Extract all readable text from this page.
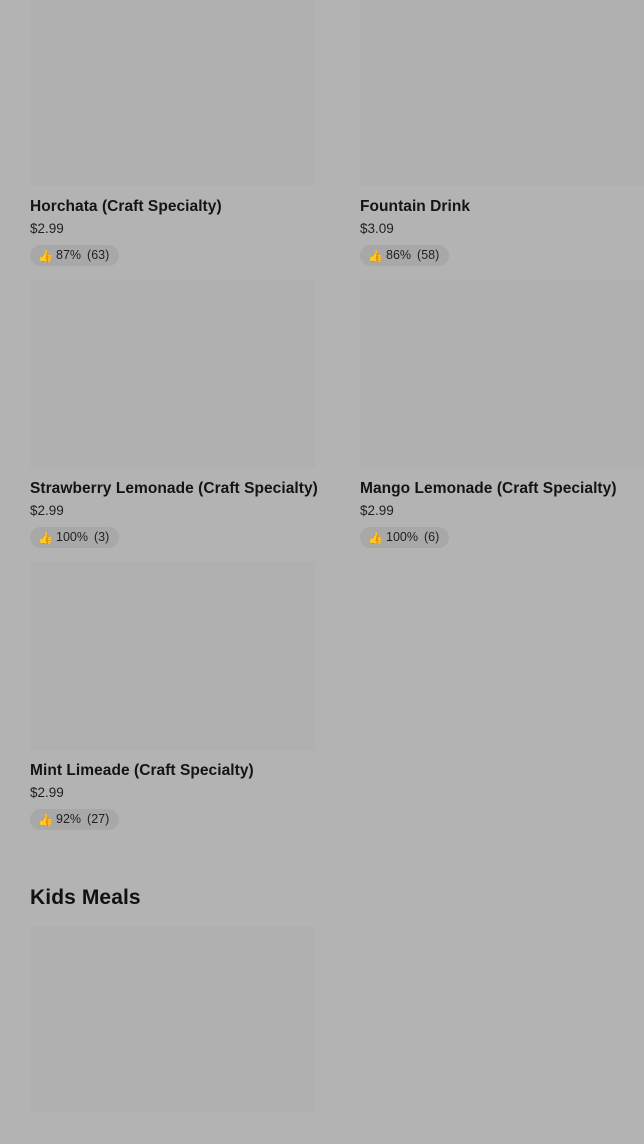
Horchata (Craft Specialty)
$2.99
👍 87% (63)
Fountain Drink
$3.09
👍 86% (58)
Strawberry Lemonade (Craft Specialty)
$2.99
👍 100% (3)
Mango Lemonade (Craft Specialty)
$2.99
👍 100% (6)
Mint Limeade (Craft Specialty)
$2.99
👍 92% (27)
Kids Meals
